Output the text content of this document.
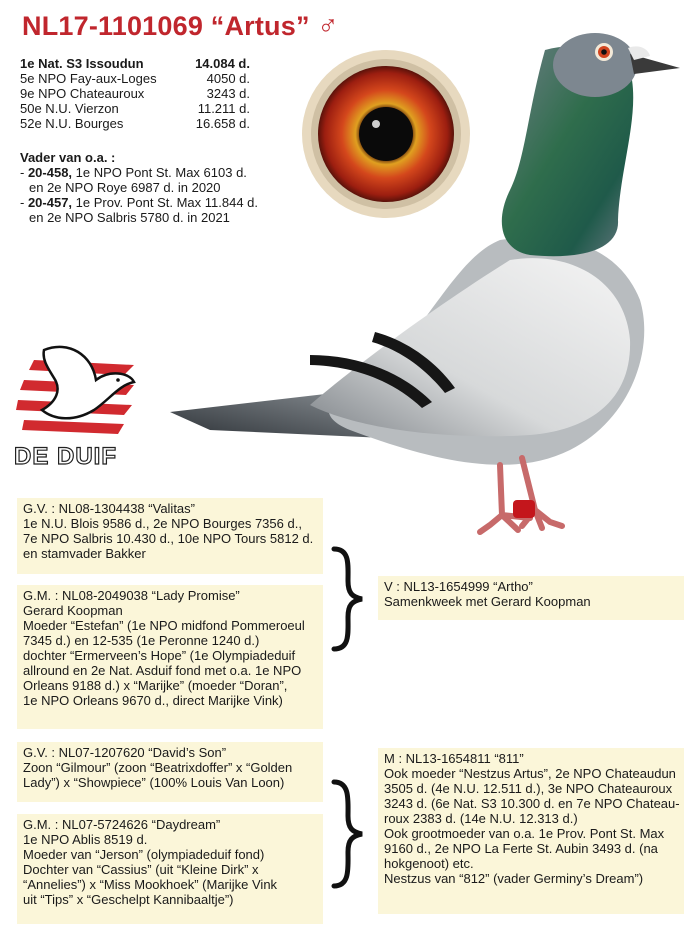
NL17-1101069 “Artus” ♂
1e Nat. S3 Issoudun	14.084 d.
5e NPO Fay-aux-Loges	4050 d.
9e NPO Chateauroux	3243 d.
50e N.U. Vierzon	11.211 d.
52e N.U. Bourges	16.658 d.
Vader van o.a. :
- 20-458, 1e NPO Pont St. Max 6103 d.
en 2e NPO Roye 6987 d. in 2020
- 20-457, 1e Prov. Pont St. Max 11.844 d.
en 2e NPO Salbris 5780 d. in 2021
DE DUIF
G.V. : NL08-1304438 “Valitas”
1e N.U. Blois 9586 d., 2e NPO Bourges 7356 d.,
7e NPO Salbris 10.430 d., 10e NPO Tours 5812 d.
en stamvader Bakker
G.M. : NL08-2049038 “Lady Promise”
Gerard Koopman
Moeder “Estefan” (1e NPO midfond Pommeroeul
7345 d.) en 12-535 (1e Peronne 1240 d.)
dochter “Ermerveen’s Hope” (1e Olympiadeduif
allround en 2e Nat. Asduif fond met o.a. 1e NPO
Orleans 9188 d.) x “Marijke” (moeder “Doran”,
1e NPO Orleans 9670 d., direct Marijke Vink)
V : NL13-1654999 “Artho”
Samenkweek met Gerard Koopman
G.V. : NL07-1207620 “David’s Son”
Zoon “Gilmour” (zoon “Beatrixdoffer” x “Golden
Lady”) x “Showpiece” (100% Louis Van Loon)
G.M. : NL07-5724626 “Daydream”
1e NPO Ablis 8519 d.
Moeder van “Jerson” (olympiadeduif fond)
Dochter van “Cassius” (uit “Kleine Dirk” x
“Annelies”) x “Miss Mookhoek” (Marijke Vink
uit “Tips” x “Geschelpt Kannibaaltje”)
M : NL13-1654811 “811”
Ook moeder “Nestzus Artus”, 2e NPO Chateaudun
3505 d. (4e N.U. 12.511 d.), 3e NPO Chateauroux
3243 d. (6e Nat. S3 10.300 d. en 7e NPO Chateau-
roux 2383 d. (14e N.U. 12.313 d.)
Ook grootmoeder van o.a. 1e Prov. Pont St. Max
9160 d., 2e NPO La Ferte St. Aubin 3493 d. (na
hokgenoot) etc.
Nestzus van “812” (vader Germiny’s Dream”)
